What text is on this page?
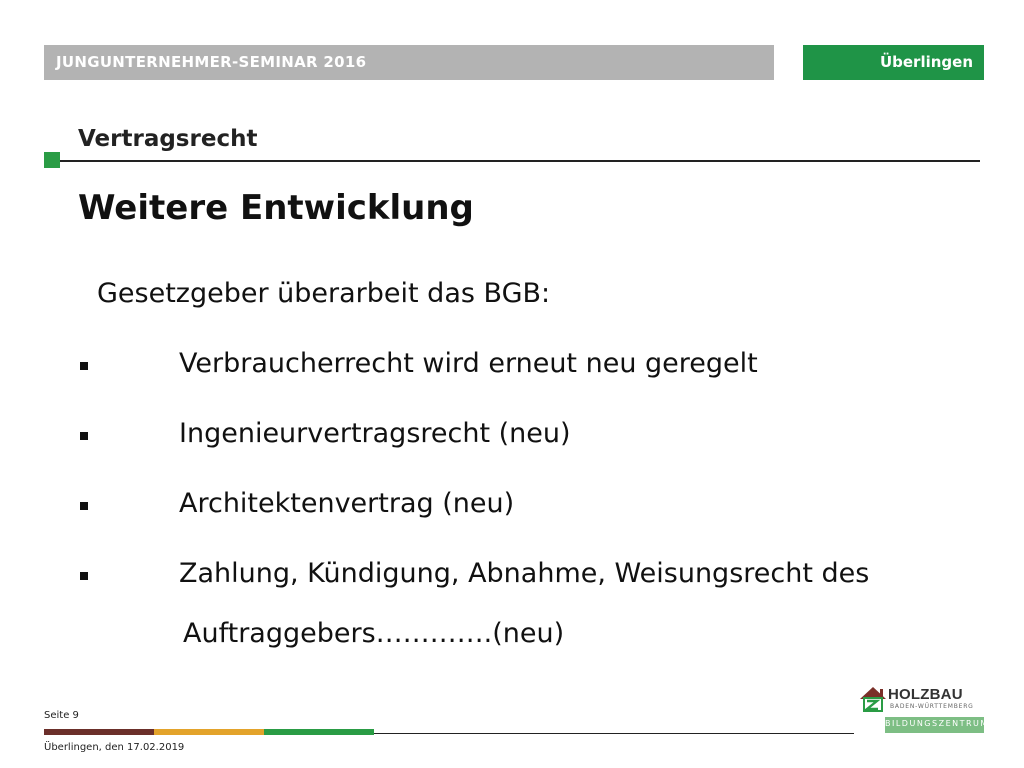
JUNGUNTERNEHMER-SEMINAR 2016	Überlingen
Vertragsrecht
Weitere Entwicklung
Gesetzgeber überarbeit das BGB:
Verbraucherrecht wird erneut neu geregelt
Ingenieurvertragsrecht (neu)
Architektenvertrag (neu)
Zahlung, Kündigung, Abnahme, Weisungsrecht des
Auftraggebers………….(neu)
Seite 9
Überlingen, den 17.02.2019
HOLZBAU
BADEN-WÜRTTEMBERG
BILDUNGSZENTRUM
